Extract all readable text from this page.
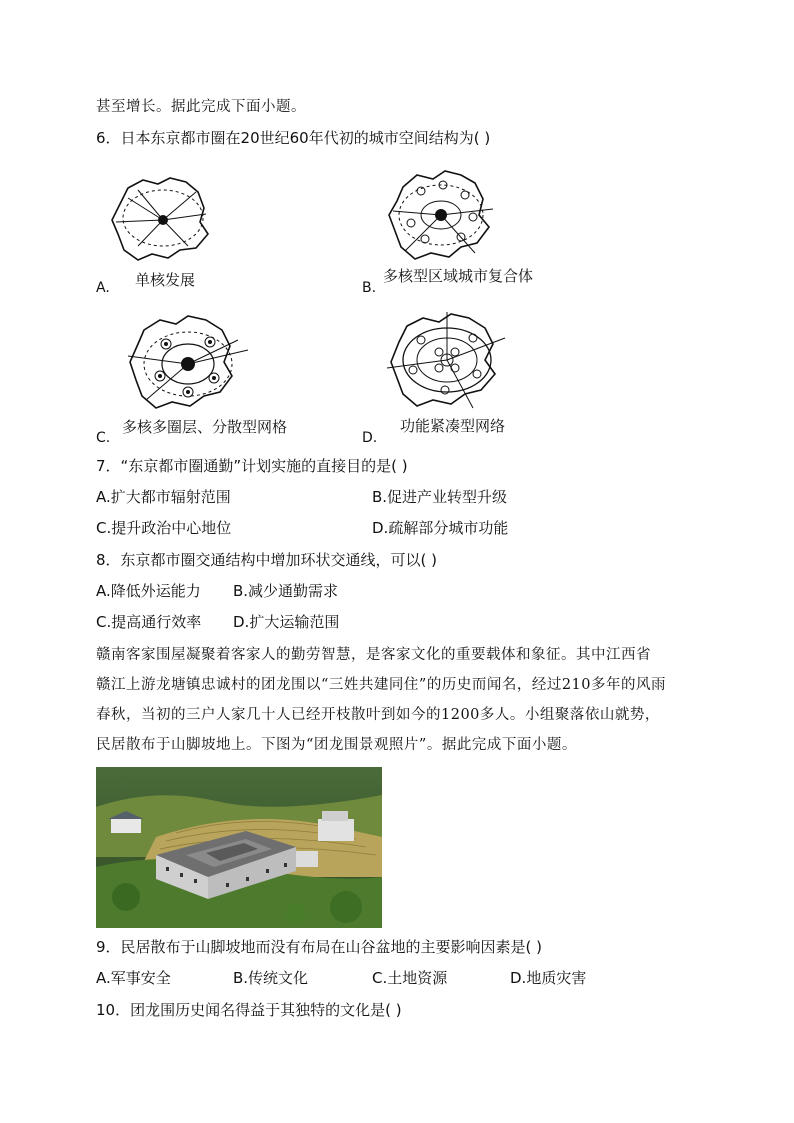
甚至增长。据此完成下面小题。
6．日本东京都市圈在20世纪60年代初的城市空间结构为( )
A. 单核发展	B.
多核型区域城市复合体
C.
多核多圈层、分散型网格
D.
功能紧凑型网络
7．“东京都市圈通勤”计划实施的直接目的是( )
A.扩大都市辐射范围	B.促进产业转型升级
C.提升政治中心地位	D.疏解部分城市功能
8．东京都市圈交通结构中增加环状交通线，可以( )
A.降低外运能力 B.减少通勤需求
C.提高通行效率 D.扩大运输范围
赣南客家围屋凝聚着客家人的勤劳智慧，是客家文化的重要载体和象征。其中江西省
赣江上游龙塘镇忠诚村的团龙围以“三姓共建同住”的历史而闻名，经过210多年的风雨
春秋，当初的三户人家几十人已经开枝散叶到如今的1200多人。小组聚落依山就势，
民居散布于山脚坡地上。下图为“团龙围景观照片”。据此完成下面小题。
9．民居散布于山脚坡地而没有布局在山谷盆地的主要影响因素是( )
A.军事安全	B.传统文化	C.土地资源	D.地质灾害
10．团龙围历史闻名得益于其独特的文化是( )
